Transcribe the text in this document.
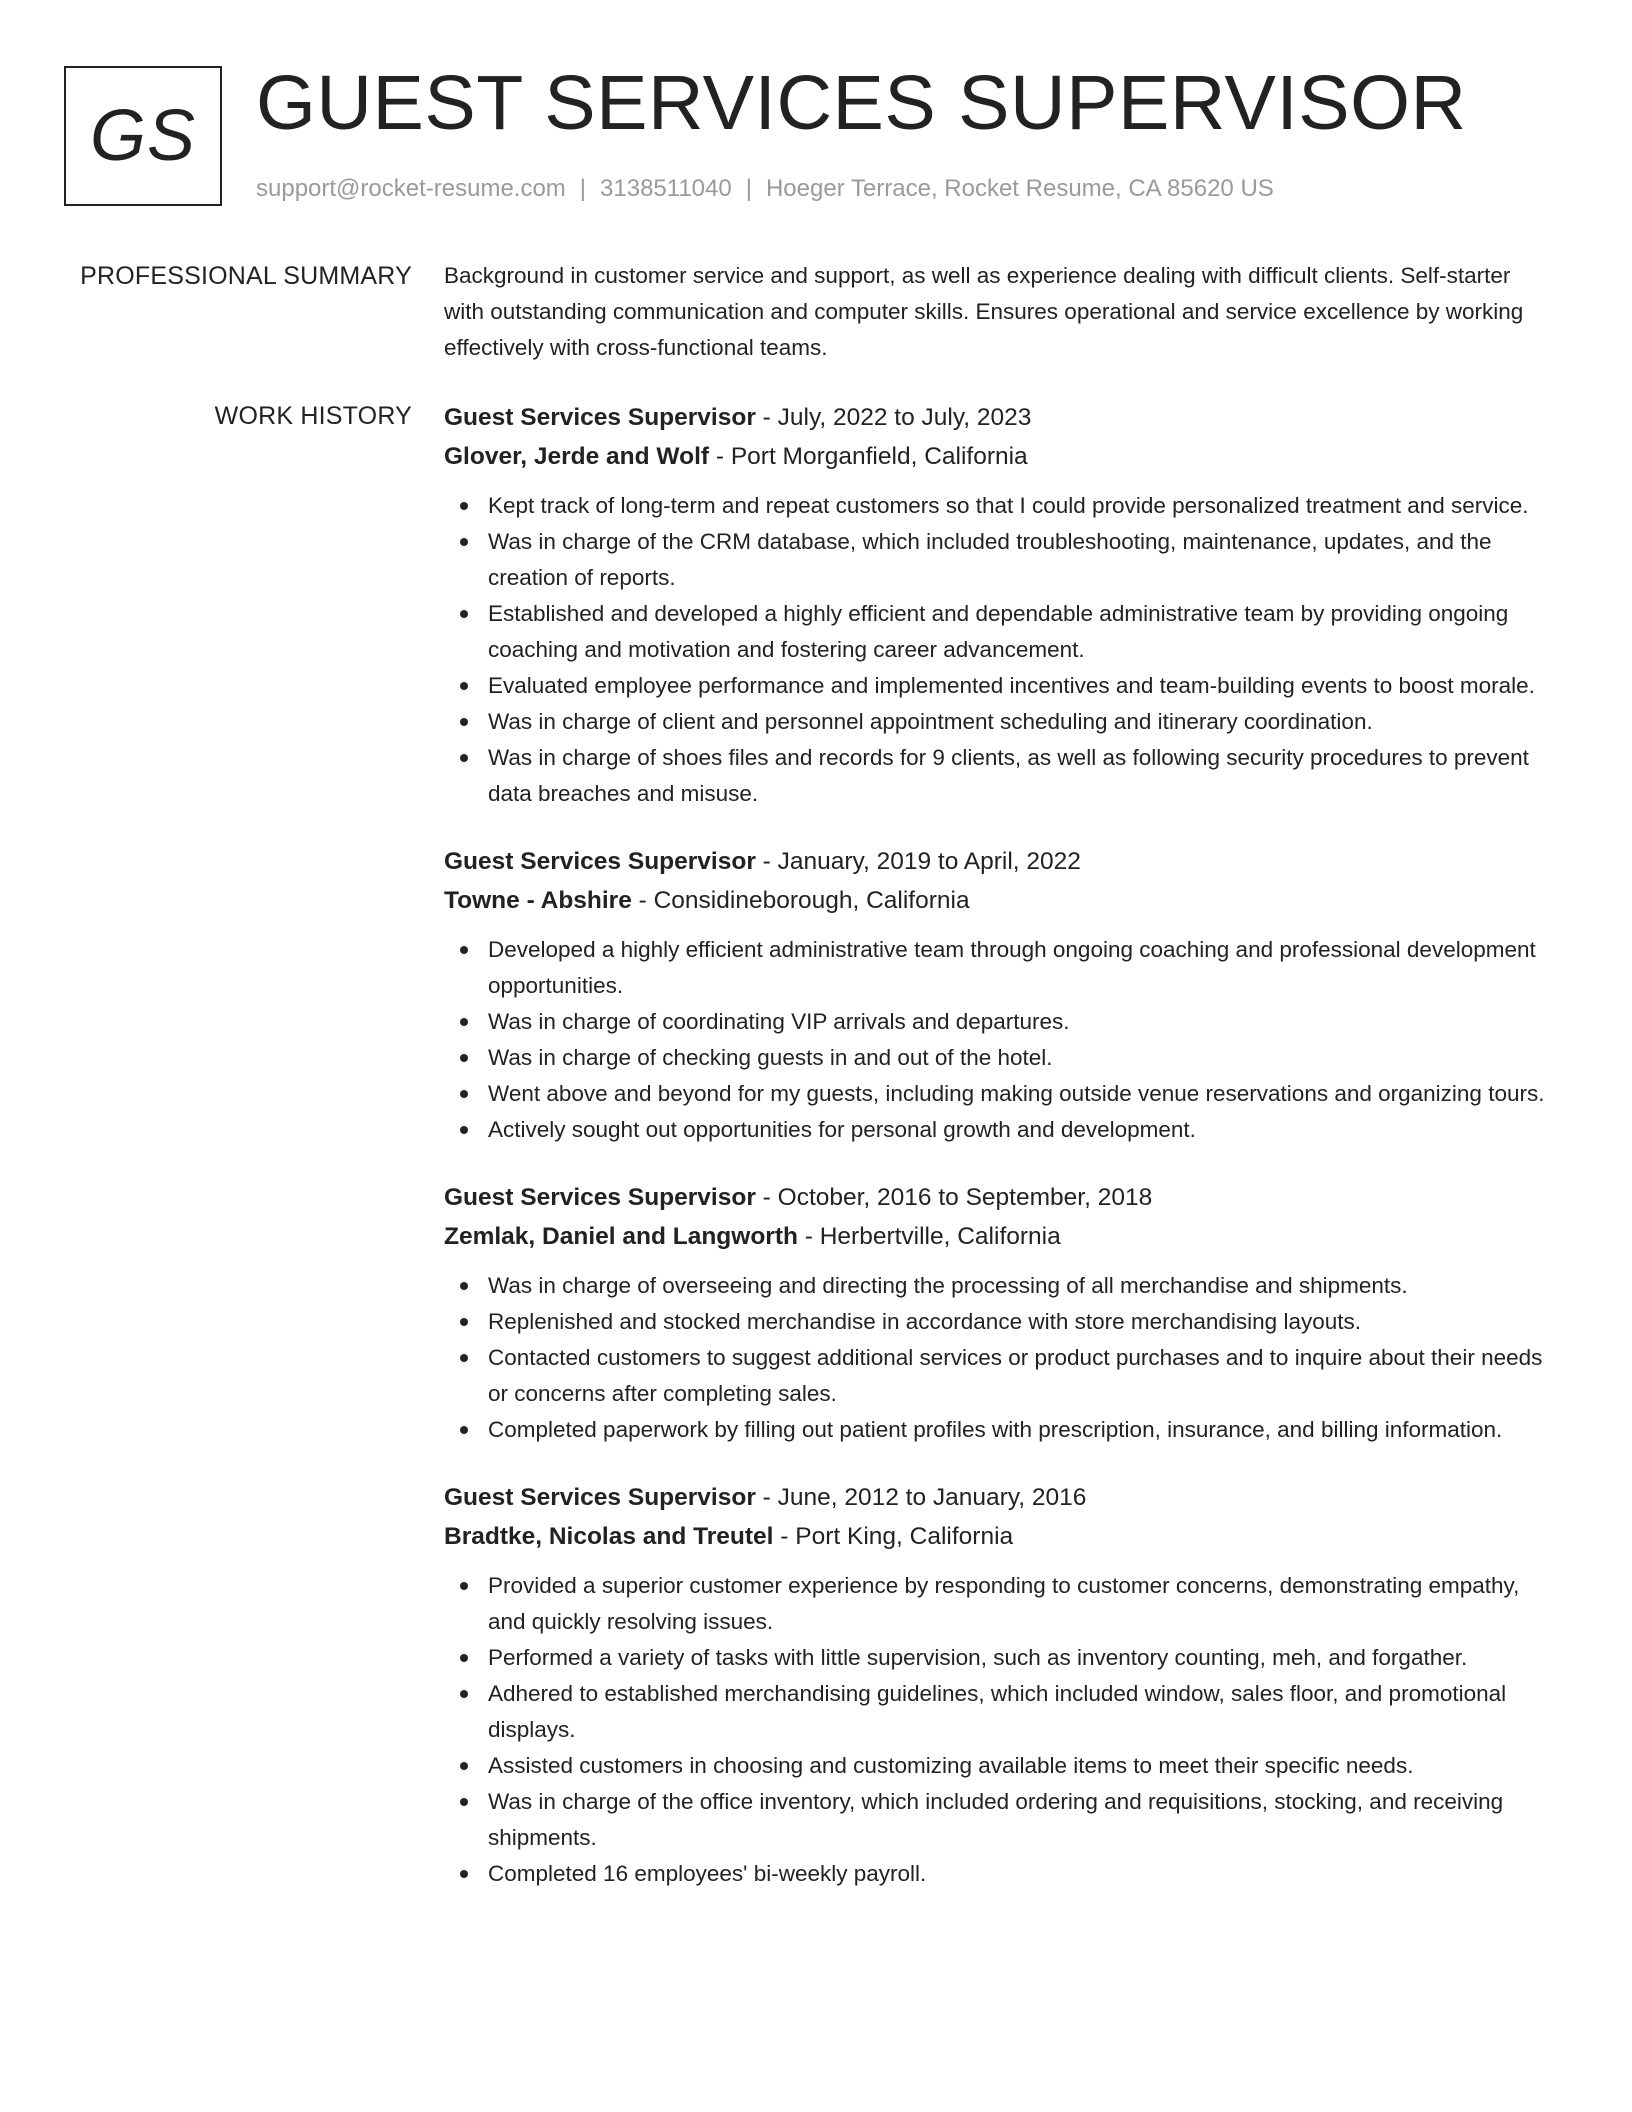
GS GUEST SERVICES SUPERVISOR
support@rocket-resume.com | 3138511040 | Hoeger Terrace, Rocket Resume, CA 85620 US
PROFESSIONAL SUMMARY Background in customer service and support, as well as experience dealing with difficult clients. Self-starter with outstanding communication and computer skills. Ensures operational and service excellence by working effectively with cross-functional teams.

WORK HISTORY Guest Services Supervisor - July, 2022 to July, 2023
Glover, Jerde and Wolf - Port Morganfield, California
Kept track of long-term and repeat customers so that I could provide personalized treatment and service.
Was in charge of the CRM database, which included troubleshooting, maintenance, updates, and the creation of reports.
Established and developed a highly efficient and dependable administrative team by providing ongoing coaching and motivation and fostering career advancement.
Evaluated employee performance and implemented incentives and team-building events to boost morale.
Was in charge of client and personnel appointment scheduling and itinerary coordination.
Was in charge of shoes files and records for 9 clients, as well as following security procedures to prevent data breaches and misuse.
Guest Services Supervisor - January, 2019 to April, 2022
Towne - Abshire - Considineborough, California
Developed a highly efficient administrative team through ongoing coaching and professional development opportunities.
Was in charge of coordinating VIP arrivals and departures.
Was in charge of checking guests in and out of the hotel.
Went above and beyond for my guests, including making outside venue reservations and organizing tours.
Actively sought out opportunities for personal growth and development.
Guest Services Supervisor - October, 2016 to September, 2018
Zemlak, Daniel and Langworth - Herbertville, California
Was in charge of overseeing and directing the processing of all merchandise and shipments.
Replenished and stocked merchandise in accordance with store merchandising layouts.
Contacted customers to suggest additional services or product purchases and to inquire about their needs or concerns after completing sales.
Completed paperwork by filling out patient profiles with prescription, insurance, and billing information.
Guest Services Supervisor - June, 2012 to January, 2016
Bradtke, Nicolas and Treutel - Port King, California
Provided a superior customer experience by responding to customer concerns, demonstrating empathy, and quickly resolving issues.
Performed a variety of tasks with little supervision, such as inventory counting, meh, and forgather.
Adhered to established merchandising guidelines, which included window, sales floor, and promotional displays.
Assisted customers in choosing and customizing available items to meet their specific needs.
Was in charge of the office inventory, which included ordering and requisitions, stocking, and receiving shipments.
Completed 16 employees' bi-weekly payroll.
